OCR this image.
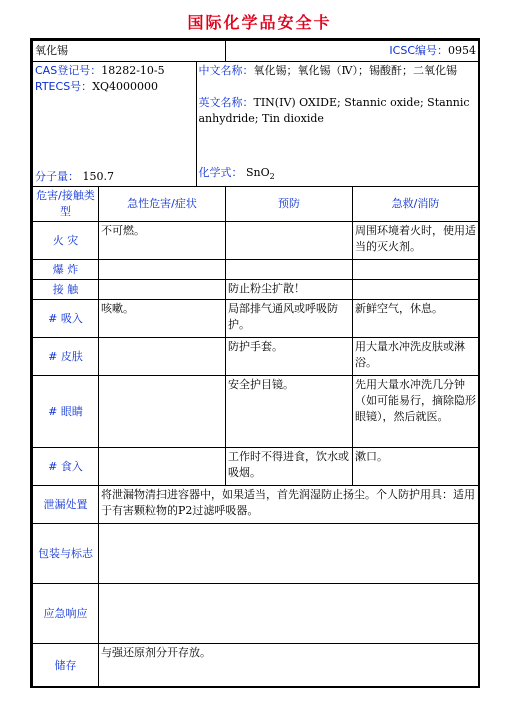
国际化学品安全卡
氧化锡	ICSC编号：0954

CAS登记号：18282-10-5
RTECS号：XQ4000000

中文名称：氧化锡；氧化锡（Ⅳ）；锡酸酐；二氧化锡
英文名称：TIN(IV) OXIDE; Stannic oxide; Stannic anhydride; Tin dioxide

分子量： 150.7	化学式： SnO$_2$

危害/接触类型	急性危害/症状	预防	急救/消防
火 灾	不可燃。		周围环境着火时，使用适当的灭火剂。
爆 炸			
接 触		防止粉尘扩散！	
# 吸入	咳嗽。	局部排气通风或呼吸防护。	新鲜空气，休息。
# 皮肤		防护手套。	用大量水冲洗皮肤或淋浴。
# 眼睛		安全护目镜。	先用大量水冲洗几分钟（如可能易行，摘除隐形眼镜），然后就医。
# 食入		工作时不得进食，饮水或吸烟。	漱口。
泄漏处置	将泄漏物清扫进容器中，如果适当，首先润湿防止扬尘。个人防护用具：适用于有害颗粒物的P2过滤呼吸器。
包装与标志	
应急响应	
储存	与强还原剂分开存放。
